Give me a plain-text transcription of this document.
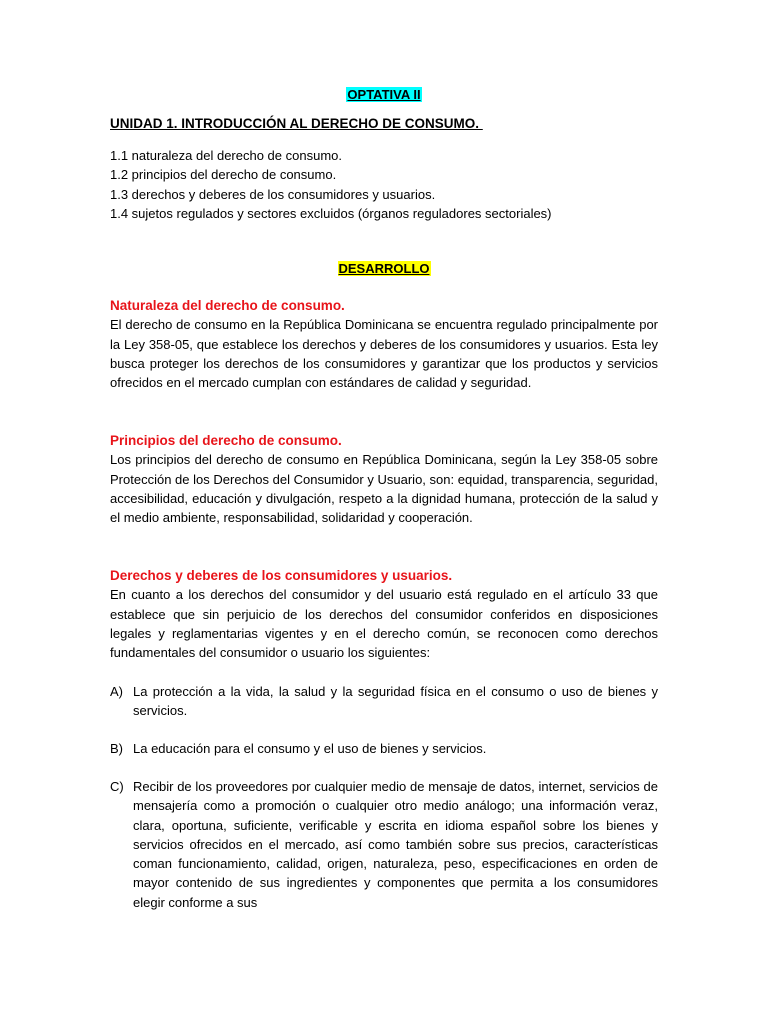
OPTATIVA II
UNIDAD 1. INTRODUCCIÓN AL DERECHO DE CONSUMO.
1.1 naturaleza del derecho de consumo.
1.2 principios del derecho de consumo.
1.3 derechos y deberes de los consumidores y usuarios.
1.4 sujetos regulados y sectores excluidos (órganos reguladores sectoriales)
DESARROLLO
Naturaleza del derecho de consumo.

El derecho de consumo en la República Dominicana se encuentra regulado principalmente por la Ley 358-05, que establece los derechos y deberes de los consumidores y usuarios. Esta ley busca proteger los derechos de los consumidores y garantizar que los productos y servicios ofrecidos en el mercado cumplan con estándares de calidad y seguridad.

Principios del derecho de consumo.

Los principios del derecho de consumo en República Dominicana, según la Ley 358-05 sobre Protección de los Derechos del Consumidor y Usuario, son: equidad, transparencia, seguridad, accesibilidad, educación y divulgación, respeto a la dignidad humana, protección de la salud y el medio ambiente, responsabilidad, solidaridad y cooperación.

Derechos y deberes de los consumidores y usuarios.

En cuanto a los derechos del consumidor y del usuario está regulado en el artículo 33 que establece que sin perjuicio de los derechos del consumidor conferidos en disposiciones legales y reglamentarias vigentes y en el derecho común, se reconocen como derechos fundamentales del consumidor o usuario los siguientes:

A) La protección a la vida, la salud y la seguridad física en el consumo o uso de bienes y servicios.
B) La educación para el consumo y el uso de bienes y servicios.
C) Recibir de los proveedores por cualquier medio de mensaje de datos, internet, servicios de mensajería como a promoción o cualquier otro medio análogo; una información veraz, clara, oportuna, suficiente, verificable y escrita en idioma español sobre los bienes y servicios ofrecidos en el mercado, así como también sobre sus precios, características coman funcionamiento, calidad, origen, naturaleza, peso, especificaciones en orden de mayor contenido de sus ingredientes y componentes que permita a los consumidores elegir conforme a sus
